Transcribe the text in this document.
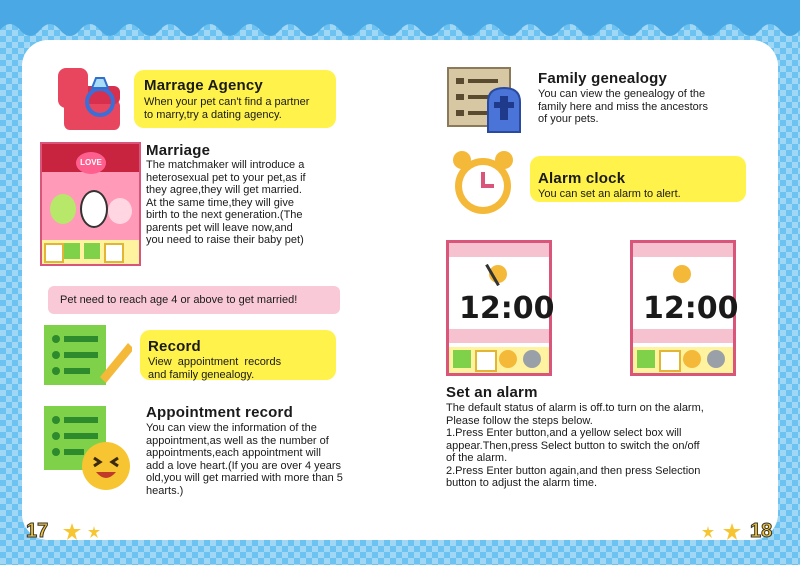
Marrage Agency
When your pet can't find a partner
to marry,try a dating agency.
LOVE
Marriage
The matchmaker will introduce a
heterosexual pet to your pet,as if
they agree,they will get married.
At the same time,they will give
birth to the next generation.(The
parents pet will leave now,and
you need to raise their baby pet)
Pet need to reach age 4 or above to get married!
Record
View  appointment  records
and family genealogy.
Appointment record
You can view the information of the
appointment,as well as the number of
appointments,each appointment will
add a love heart.(If you are over 4 years
old,you will get married with more than 5
hearts.)
17
Family genealogy
You can view the genealogy of the
family here and miss the ancestors
of your pets.
Alarm clock
You can set an alarm to alert.
12:00	12:00
Set an alarm
The default status of alarm is off.to turn on the alarm,
Please follow the steps below.
1.Press Enter button,and a yellow select box will
appear.Then,press Select button to switch the on/off
of the alarm.
2.Press Enter button again,and then press Selection
button to adjust the alarm time.
18
